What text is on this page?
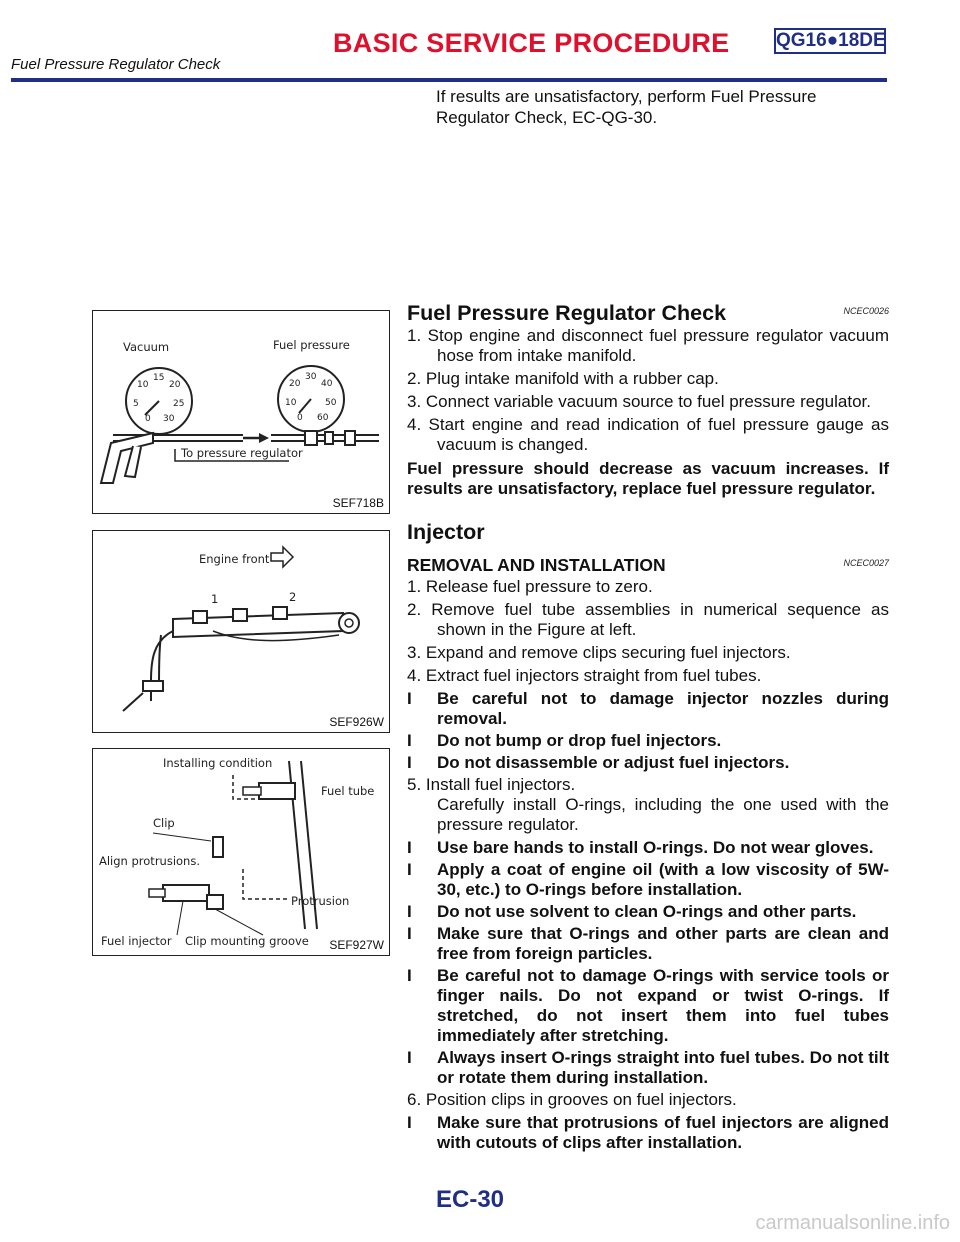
BASIC SERVICE PROCEDURE QG16●18DE
Fuel Pressure Regulator Check
If results are unsatisfactory, perform Fuel Pressure Regulator Check, EC-QG-30.
Vacuum	Fuel pressure
5
10
15
20
25
30
0
10
20
30
40
50
60
0
To pressure regulator
SEF718B
Engine front
1	2
SEF926W
Installing condition
Fuel tube
Clip
Align protrusions.
Protrusion
Fuel injector Clip mounting groove SEF927W
Fuel Pressure Regulator Check	NCEC0026

1. Stop engine and disconnect fuel pressure regulator vacuum hose from intake manifold.

2. Plug intake manifold with a rubber cap.

3. Connect variable vacuum source to fuel pressure regulator.

4. Start engine and read indication of fuel pressure gauge as vacuum is changed.

Fuel pressure should decrease as vacuum increases. If results are unsatisfactory, replace fuel pressure regulator.

Injector
REMOVAL AND INSTALLATION	NCEC0027

1. Release fuel pressure to zero.

2. Remove fuel tube assemblies in numerical sequence as shown in the Figure at left.

3. Expand and remove clips securing fuel injectors.

4. Extract fuel injectors straight from fuel tubes.

I Be careful not to damage injector nozzles during removal.
I Do not bump or drop fuel injectors.
I Do not disassemble or adjust fuel injectors.

5. Install fuel injectors.

Carefully install O-rings, including the one used with the pressure regulator.

I Use bare hands to install O-rings. Do not wear gloves.
I Apply a coat of engine oil (with a low viscosity of 5W-30, etc.) to O-rings before installation.
I Do not use solvent to clean O-rings and other parts.
I Make sure that O-rings and other parts are clean and free from foreign particles.
I Be careful not to damage O-rings with service tools or finger nails. Do not expand or twist O-rings. If stretched, do not insert them into fuel tubes immediately after stretching.
I Always insert O-rings straight into fuel tubes. Do not tilt or rotate them during installation.

6. Position clips in grooves on fuel injectors.

I Make sure that protrusions of fuel injectors are aligned with cutouts of clips after installation.
EC-30
carmanualsonline.info
